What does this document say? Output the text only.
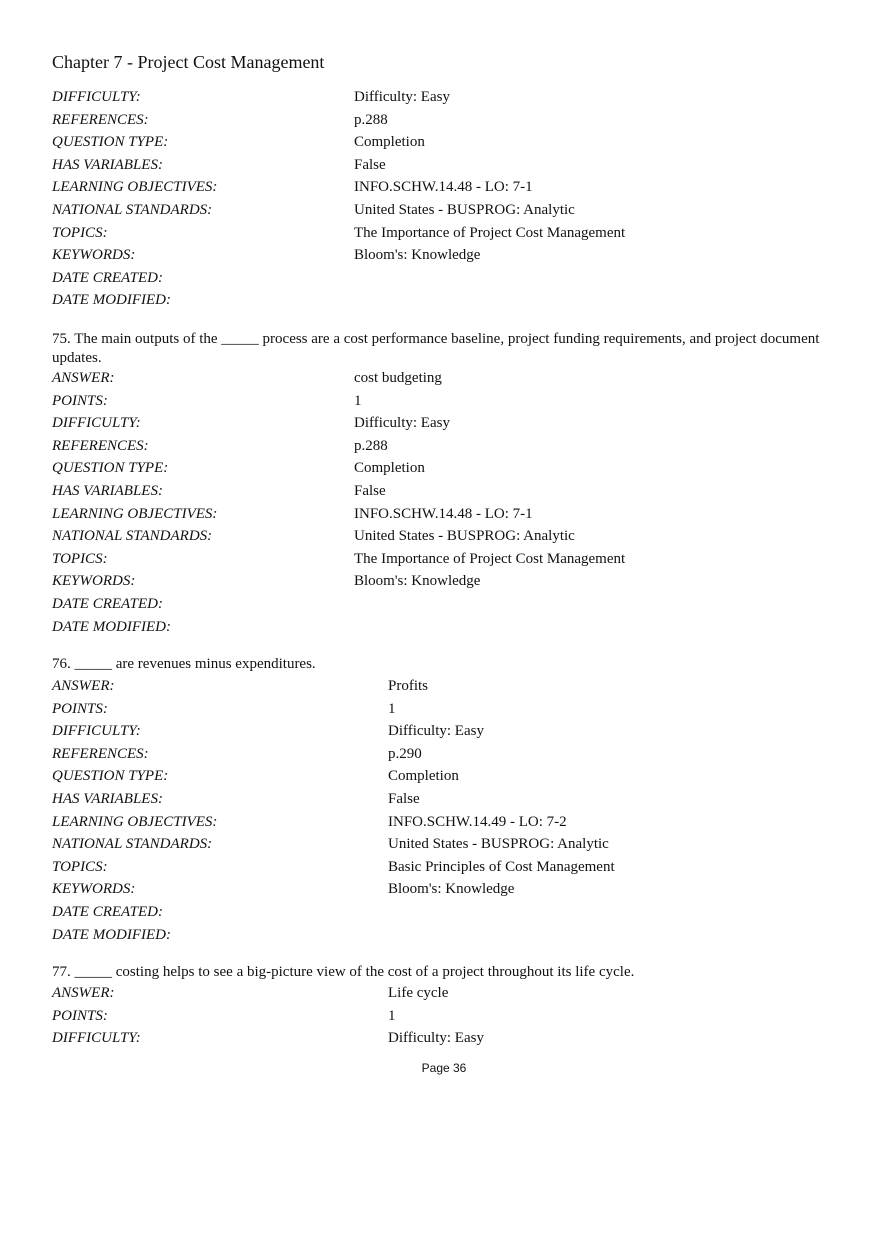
Chapter 7 - Project Cost Management
DIFFICULTY:	Difficulty: Easy
REFERENCES:	p.288
QUESTION TYPE:	Completion
HAS VARIABLES:	False
LEARNING OBJECTIVES:	INFO.SCHW.14.48 - LO: 7-1
NATIONAL STANDARDS:	United States - BUSPROG: Analytic
TOPICS:	The Importance of Project Cost Management
KEYWORDS:	Bloom's: Knowledge
DATE CREATED:
DATE MODIFIED:
75. The main outputs of the _____ process are a cost performance baseline, project funding requirements, and project document updates.
ANSWER:	cost budgeting
POINTS:	1
DIFFICULTY:	Difficulty: Easy
REFERENCES:	p.288
QUESTION TYPE:	Completion
HAS VARIABLES:	False
LEARNING OBJECTIVES:	INFO.SCHW.14.48 - LO: 7-1
NATIONAL STANDARDS:	United States - BUSPROG: Analytic
TOPICS:	The Importance of Project Cost Management
KEYWORDS:	Bloom's: Knowledge
DATE CREATED:
DATE MODIFIED:
76. _____ are revenues minus expenditures.
ANSWER:	Profits
POINTS:	1
DIFFICULTY:	Difficulty: Easy
REFERENCES:	p.290
QUESTION TYPE:	Completion
HAS VARIABLES:	False
LEARNING OBJECTIVES:	INFO.SCHW.14.49 - LO: 7-2
NATIONAL STANDARDS:	United States - BUSPROG: Analytic
TOPICS:	Basic Principles of Cost Management
KEYWORDS:	Bloom's: Knowledge
DATE CREATED:
DATE MODIFIED:
77. _____ costing helps to see a big-picture view of the cost of a project throughout its life cycle.
ANSWER:	Life cycle
POINTS:	1
DIFFICULTY:	Difficulty: Easy
Page 36
